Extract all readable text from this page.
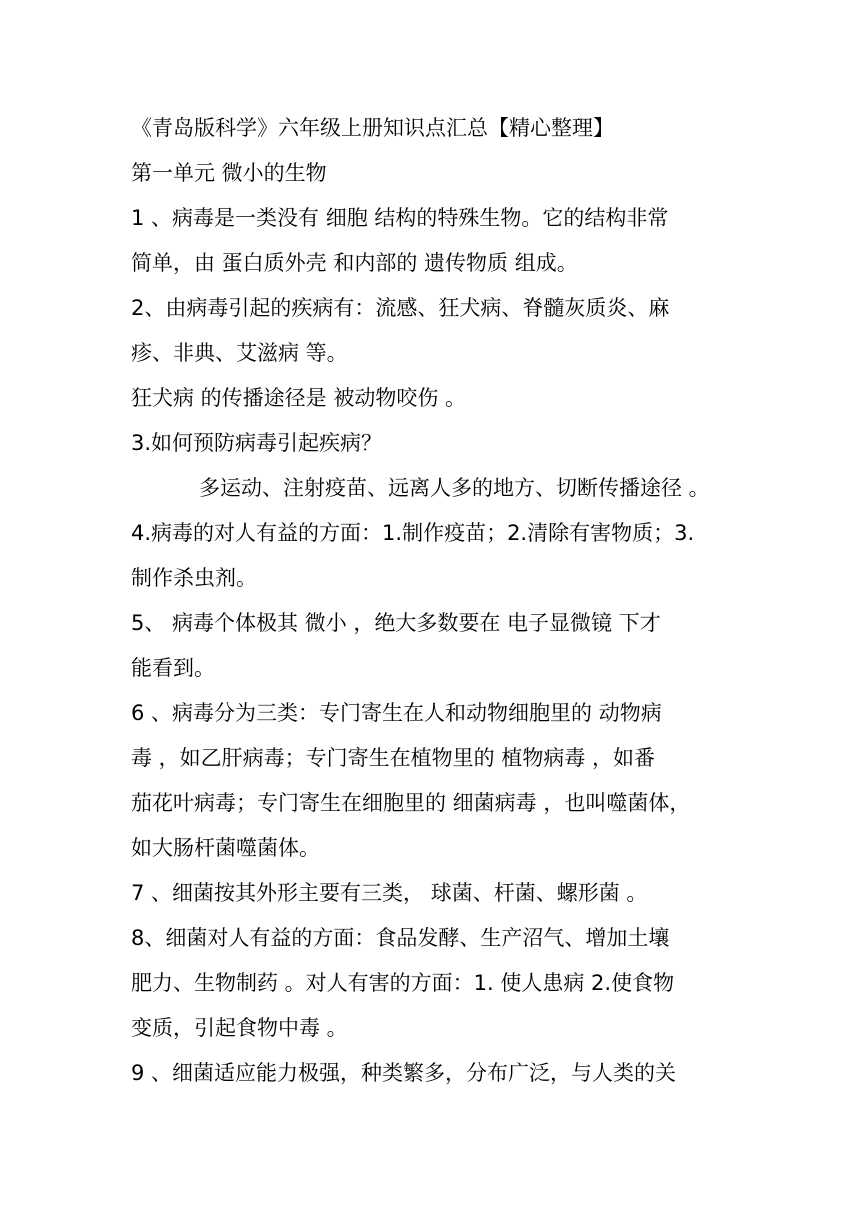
《青岛版科学》六年级上册知识点汇总【精心整理】
第一单元 微小的生物
1 、病毒是一类没有 细胞 结构的特殊生物。它的结构非常
简单，由 蛋白质外壳 和内部的 遗传物质 组成。
2、由病毒引起的疾病有：流感、狂犬病、脊髓灰质炎、麻
疹、非典、艾滋病 等。
狂犬病 的传播途径是 被动物咬伤 。
3.如何预防病毒引起疾病？
多运动、注射疫苗、远离人多的地方、切断传播途径 。
4.病毒的对人有益的方面：1.制作疫苗；2.清除有害物质；3.
制作杀虫剂。
5、 病毒个体极其 微小 ，绝大多数要在 电子显微镜 下才
能看到。
6 、病毒分为三类：专门寄生在人和动物细胞里的 动物病
毒 ，如乙肝病毒；专门寄生在植物里的 植物病毒 ，如番
茄花叶病毒；专门寄生在细胞里的 细菌病毒 ，也叫噬菌体，
如大肠杆菌噬菌体。
7 、细菌按其外形主要有三类， 球菌、杆菌、螺形菌 。
8、细菌对人有益的方面：食品发酵、生产沼气、增加土壤
肥力、生物制药 。对人有害的方面：1. 使人患病 2.使食物
变质，引起食物中毒 。
9 、细菌适应能力极强，种类繁多，分布广泛，与人类的关
